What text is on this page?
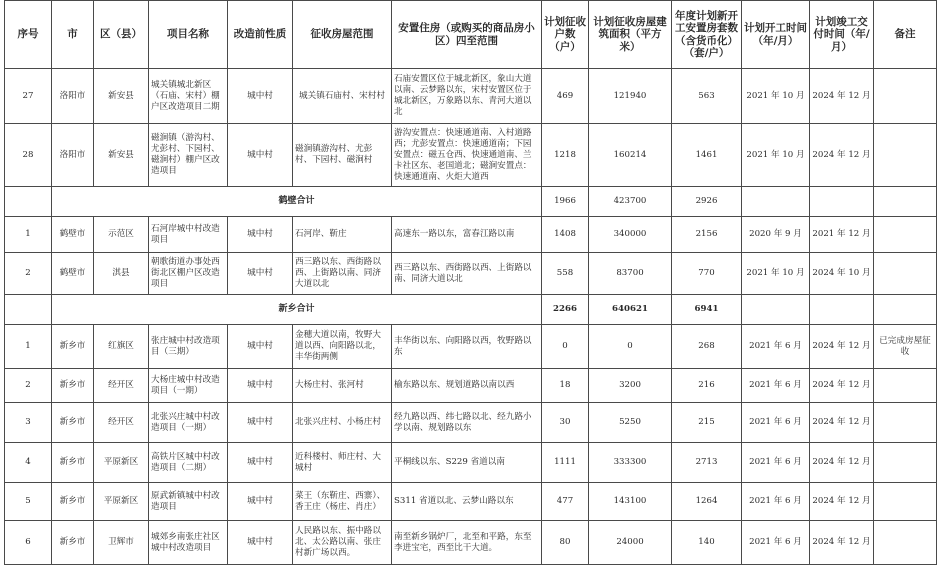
序号	市	区（县）	项目名称	改造前性质	征收房屋范围	安置住房（或购买的商品房小区）四至范围	计划征收户数（户）	计划征收房屋建筑面积（平方米）	年度计划新开工安置房套数（含货币化）（套/户）	计划开工时间（年/月）	计划竣工交付时间（年/月）	备注
27	洛阳市	新安县	城关镇城北新区（石庙、宋村）棚户区改造项目二期	城中村	城关镇石庙村、宋村村	石庙安置区位于城北新区，象山大道以南、云梦路以东，宋村安置区位于城北新区，万象路以东、青河大道以北	469	121940	563	2021 年 10 月	2024 年 12 月	
28	洛阳市	新安县	磁涧镇（游沟村、尤彭村、下园村、磁涧村）棚户区改造项目	城中村	磁涧镇游沟村、尤彭村、下园村、磁涧村	游沟安置点：快速通道南、入村道路西；尤彭安置点：快速通道南；下园安置点：磁五仓西、快速通道南、兰卡社区东、老国道北；磁涧安置点：快速通道南、火炬大道西	1218	160214	1461	2021 年 10 月	2024 年 12 月	
	鹤壁合计						1966	423700	2926			
1	鹤壁市	示范区	石河岸城中村改造项目	城中村	石河岸、靳庄	高速东一路以东，富春江路以南	1408	340000	2156	2020 年 9 月	2021 年 12 月	
2	鹤壁市	淇县	朝歌街道办事处西街北区棚户区改造项目	城中村	西三路以东、西街路以西、上街路以南、同济大道以北	西三路以东、西街路以西、上街路以南、同济大道以北	558	83700	770	2021 年 10 月	2024 年 10 月	
	新乡合计						2266	640621	6941			
1	新乡市	红旗区	张庄城中村改造项目（三期）	城中村	金穗大道以南，牧野大道以西、向阳路以北，丰华街两侧	丰华街以东、向阳路以西，牧野路以东	0	0	268	2021 年 6 月	2024 年 12 月	已完成房屋征收
2	新乡市	经开区	大杨庄城中村改造项目（一期）	城中村	大杨庄村、张河村	榆东路以东、规划道路以南以西	18	3200	216	2021 年 6 月	2024 年 12 月	
3	新乡市	经开区	北张兴庄城中村改造项目（一期）	城中村	北张兴庄村、小杨庄村	经九路以西、纬七路以北、经九路小学以南、规划路以东	30	5250	215	2021 年 6 月	2024 年 12 月	
4	新乡市	平原新区	高铁片区城中村改造项目（二期）	城中村	近科楼村、师庄村、大城村	平桐线以东、S229 省道以南	1111	333300	2713	2021 年 6 月	2024 年 12 月	
5	新乡市	平原新区	原武新镇城中村改造项目	城中村	菜王（东靳庄、西寨）、香王庄（杨庄、肖庄）	S311 省道以北、云梦山路以东	477	143100	1264	2021 年 6 月	2024 年 12 月	
6	新乡市	卫辉市	城郊乡南张庄社区城中村改造项目	城中村	人民路以东、振中路以北、太公路以南、张庄村新广场以西。	南至新乡锅炉厂，北至和平路，东至李进宝宅，西至比干大道。	80	24000	140	2021 年 6 月	2024 年 12 月	
